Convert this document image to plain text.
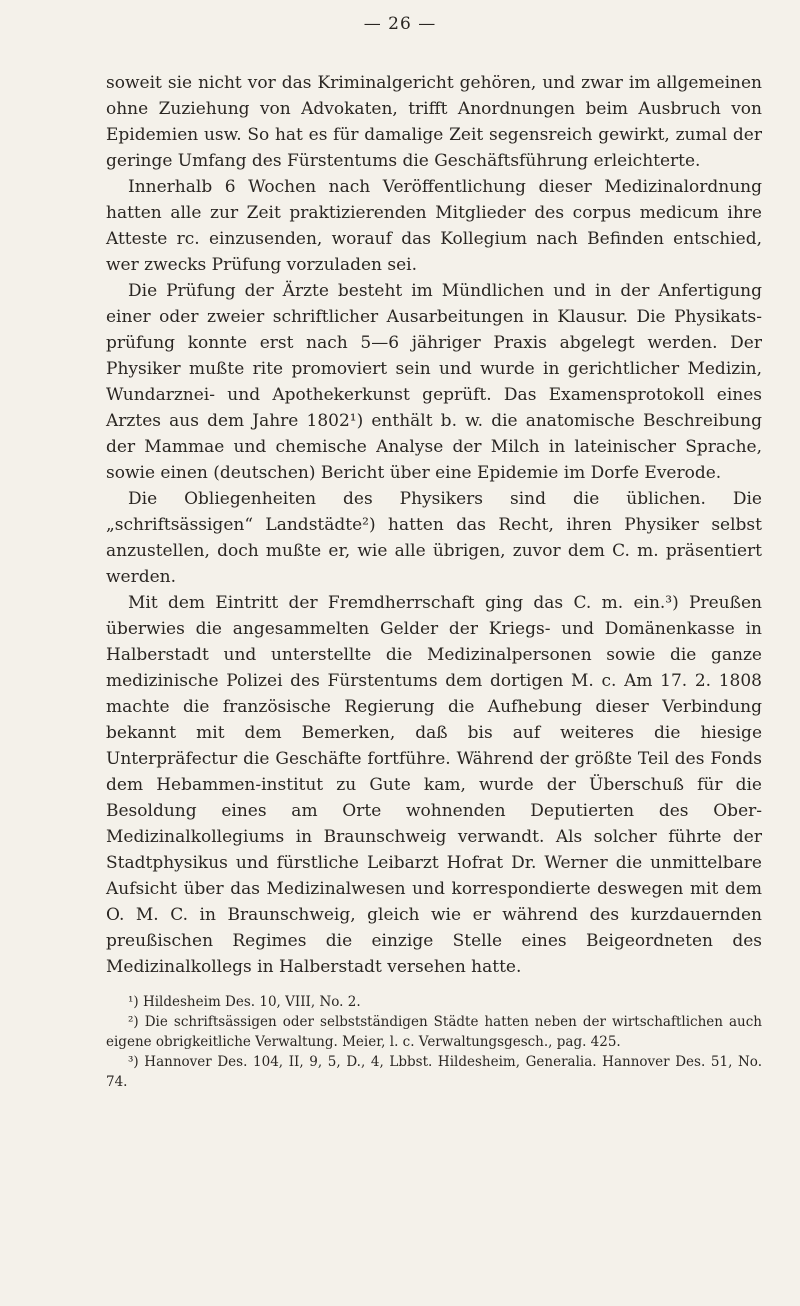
— 26 —

soweit sie nicht vor das Kriminalgericht gehören, und zwar im allgemeinen ohne Zuziehung von Advokaten, trifft Anordnungen beim Ausbruch von Epidemien usw. So hat es für damalige Zeit segensreich gewirkt, zumal der geringe Umfang des Fürstentums die Geschäftsführung erleichterte.

Innerhalb 6 Wochen nach Veröffentlichung dieser Medizinalordnung hatten alle zur Zeit praktizierenden Mitglieder des corpus medicum ihre Atteste rc. einzusenden, worauf das Kollegium nach Befinden entschied, wer zwecks Prüfung vorzuladen sei.

Die Prüfung der Ärzte besteht im Mündlichen und in der Anfertigung einer oder zweier schriftlicher Ausarbeitungen in Klausur. Die Physikats-prüfung konnte erst nach 5—6 jähriger Praxis abgelegt werden. Der Physiker mußte rite promoviert sein und wurde in gerichtlicher Medizin, Wundarznei- und Apothekerkunst geprüft. Das Examensprotokoll eines Arztes aus dem Jahre 1802¹) enthält b. w. die anatomische Beschreibung der Mammae und chemische Analyse der Milch in lateinischer Sprache, sowie einen (deutschen) Bericht über eine Epidemie im Dorfe Everode.

Die Obliegenheiten des Physikers sind die üblichen. Die „schriftsässigen“ Landstädte²) hatten das Recht, ihren Physiker selbst anzustellen, doch mußte er, wie alle übrigen, zuvor dem C. m. präsentiert werden.

Mit dem Eintritt der Fremdherrschaft ging das C. m. ein.³) Preußen überwies die angesammelten Gelder der Kriegs- und Domänenkasse in Halberstadt und unterstellte die Medizinalpersonen sowie die ganze medizinische Polizei des Fürstentums dem dortigen M. c. Am 17. 2. 1808 machte die französische Regierung die Aufhebung dieser Verbindung bekannt mit dem Bemerken, daß bis auf weiteres die hiesige Unterpräfectur die Geschäfte fortführe. Während der größte Teil des Fonds dem Hebammen-institut zu Gute kam, wurde der Überschuß für die Besoldung eines am Orte wohnenden Deputierten des Ober-Medizinalkollegiums in Braunschweig verwandt. Als solcher führte der Stadtphysikus und fürstliche Leibarzt Hofrat Dr. Werner die unmittelbare Aufsicht über das Medizinalwesen und korrespondierte deswegen mit dem O. M. C. in Braunschweig, gleich wie er während des kurzdauernden preußischen Regimes die einzige Stelle eines Beigeordneten des Medizinalkollegs in Halberstadt versehen hatte.

¹) Hildesheim Des. 10, VIII, No. 2.

²) Die schriftsässigen oder selbstständigen Städte hatten neben der wirtschaftlichen auch eigene obrigkeitliche Verwaltung. Meier, l. c. Verwaltungsgesch., pag. 425.

³) Hannover Des. 104, II, 9, 5, D., 4, Lbbst. Hildesheim, Generalia. Hannover Des. 51, No. 74.
